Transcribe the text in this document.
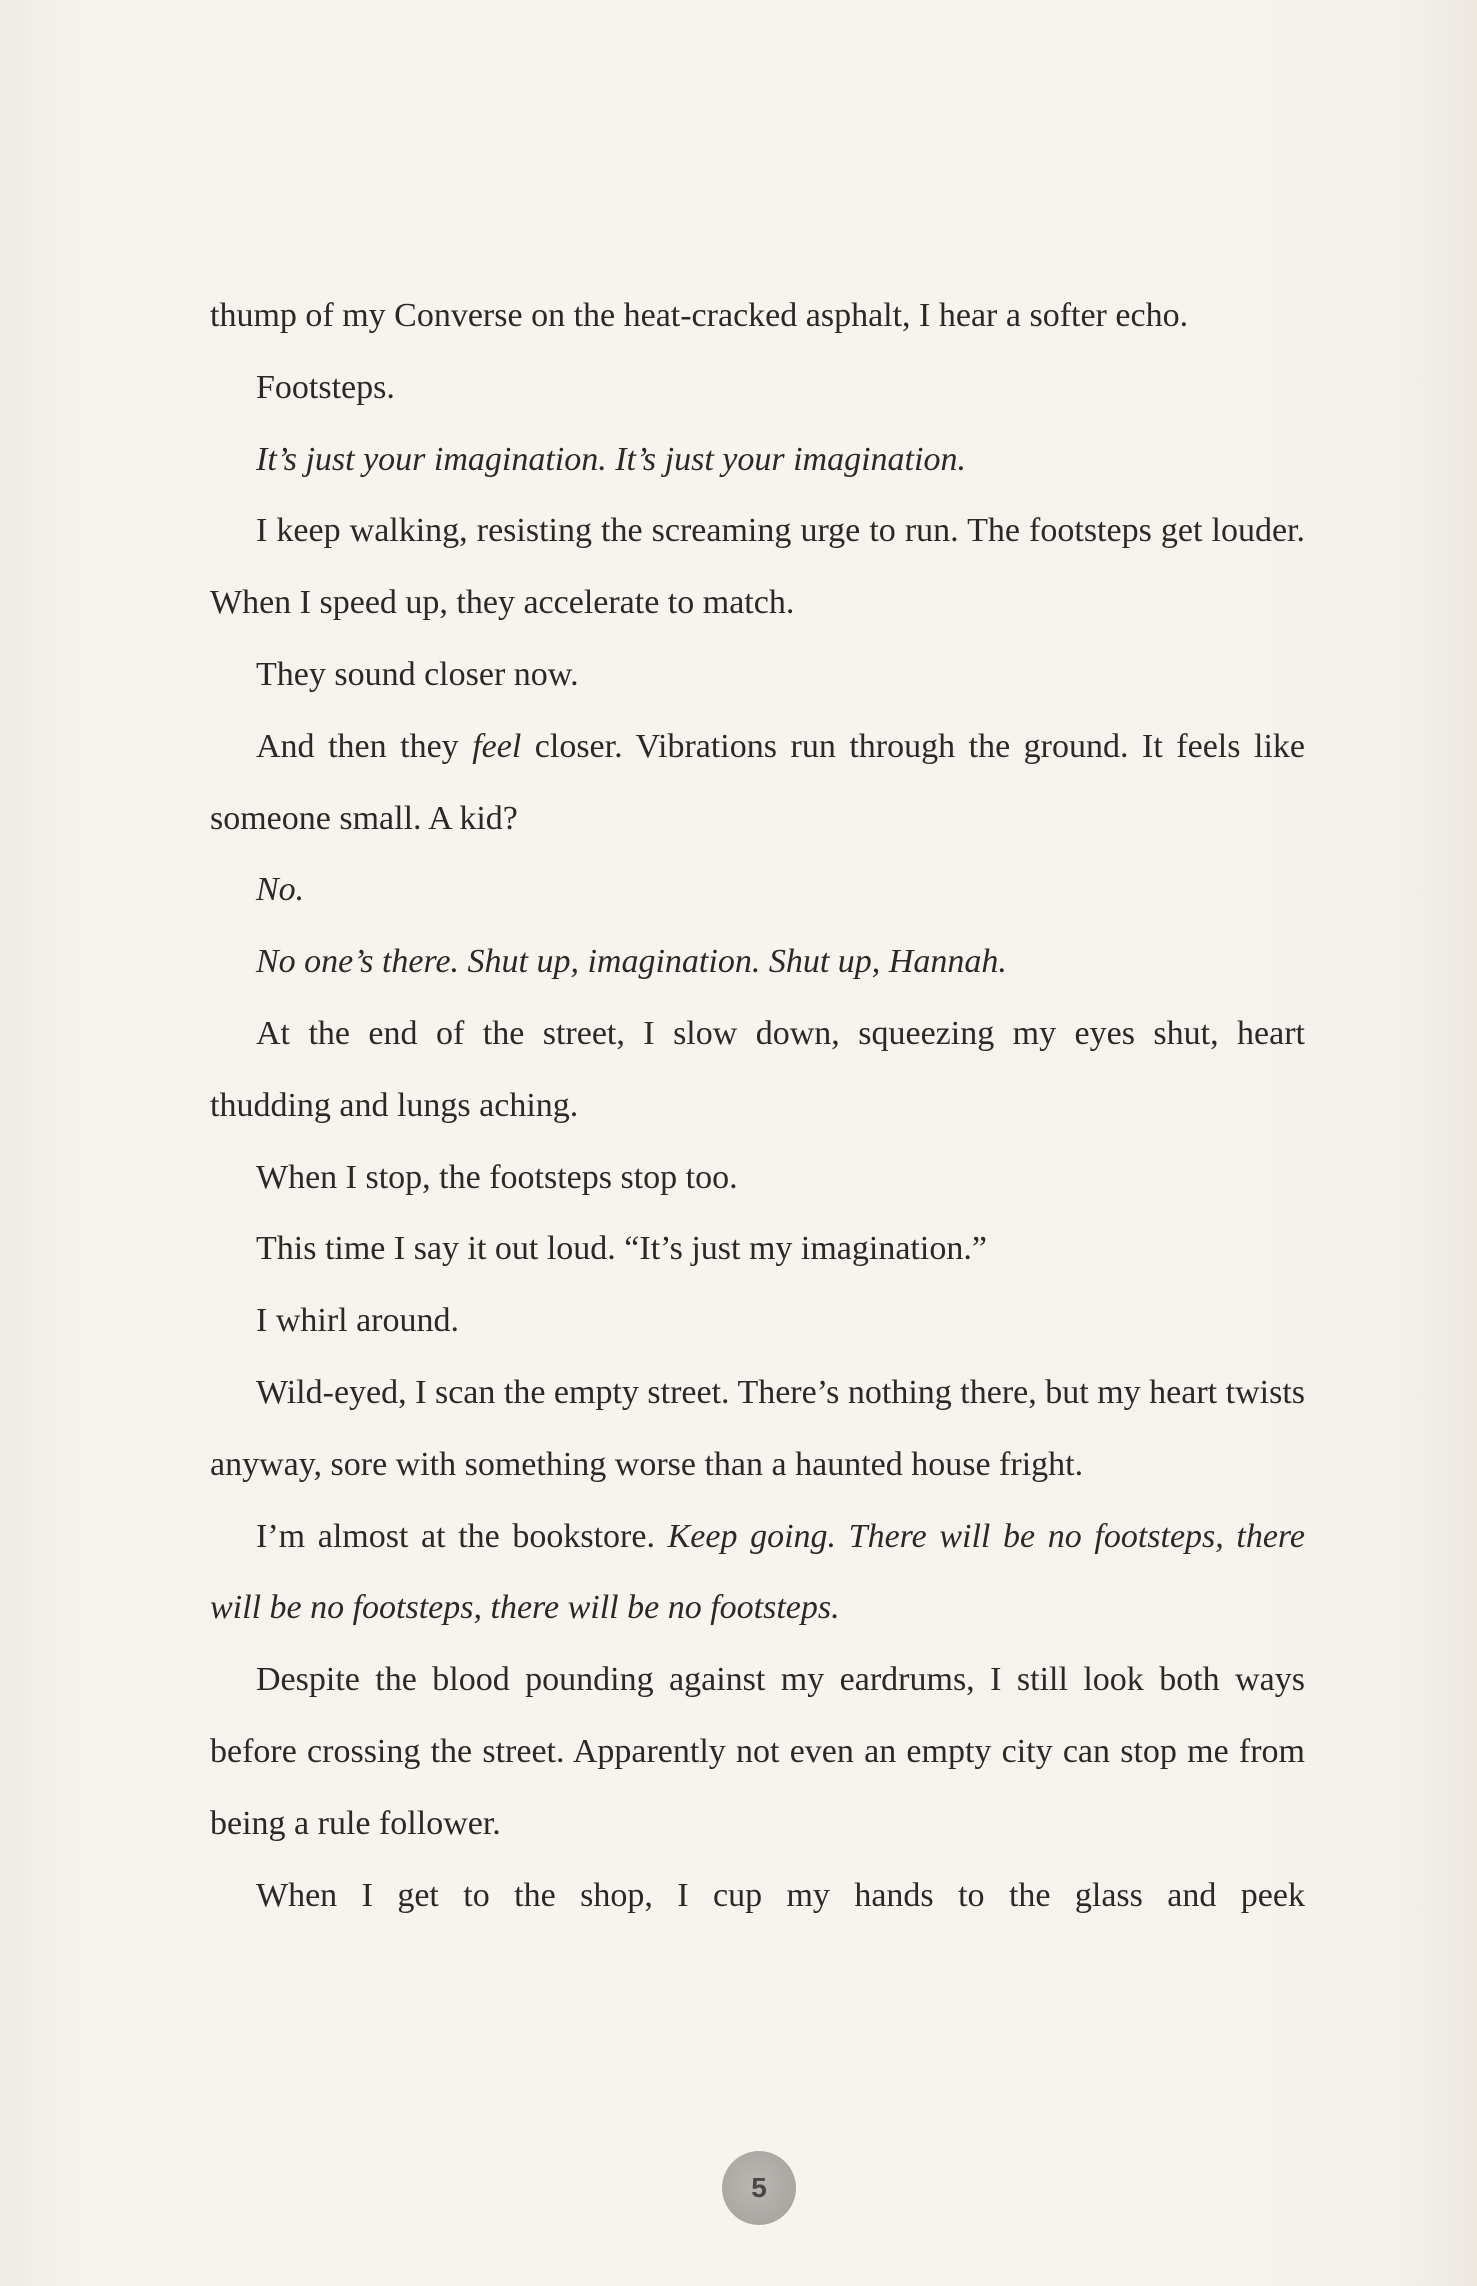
thump of my Converse on the heat-cracked asphalt, I hear a softer echo.

Footsteps.

It’s just your imagination. It’s just your imagination.

I keep walking, resisting the screaming urge to run. The footsteps get louder. When I speed up, they accelerate to match.

They sound closer now.

And then they feel closer. Vibrations run through the ground. It feels like someone small. A kid?

No.

No one’s there. Shut up, imagination. Shut up, Hannah.

At the end of the street, I slow down, squeezing my eyes shut, heart thudding and lungs aching.

When I stop, the footsteps stop too.

This time I say it out loud. “It’s just my imagination.”

I whirl around.

Wild-eyed, I scan the empty street. There’s nothing there, but my heart twists anyway, sore with something worse than a haunted house fright.

I’m almost at the bookstore. Keep going. There will be no footsteps, there will be no footsteps, there will be no footsteps.

Despite the blood pounding against my eardrums, I still look both ways before crossing the street. Apparently not even an empty city can stop me from being a rule follower.

When I get to the shop, I cup my hands to the glass and peek

5
